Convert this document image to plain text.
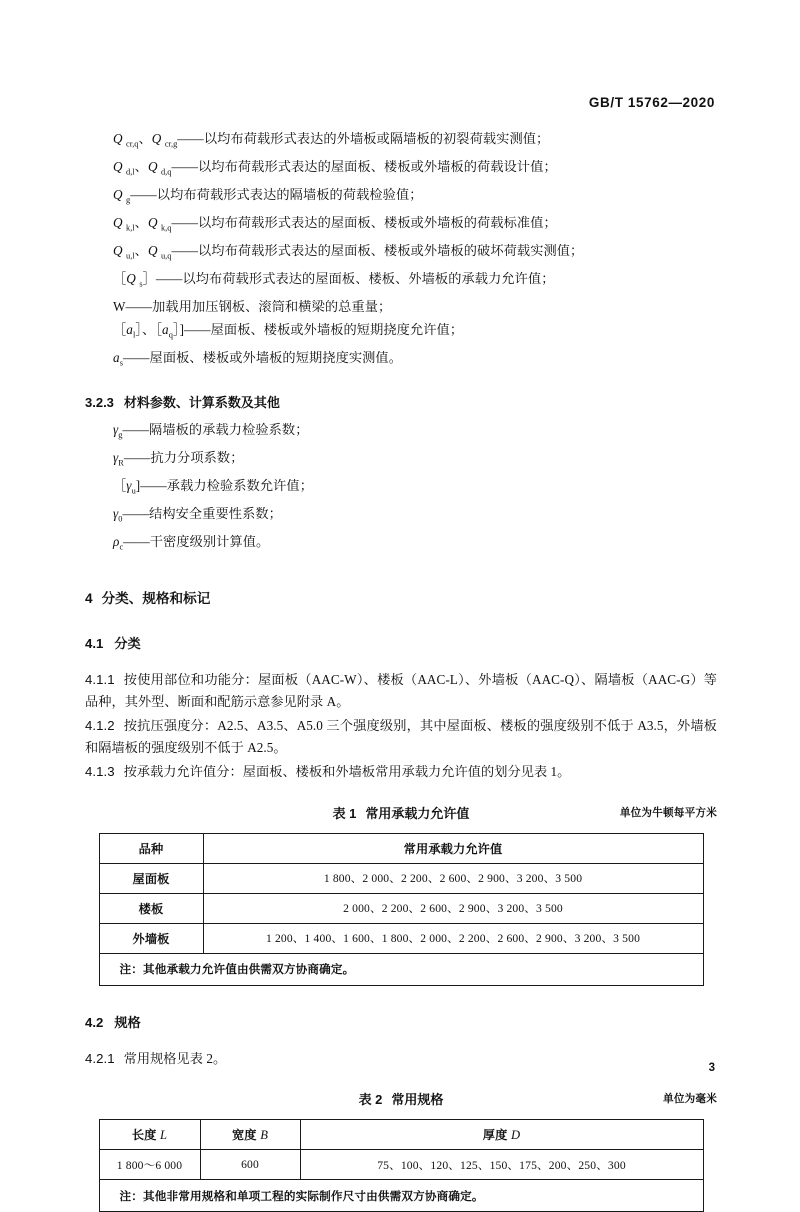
GB/T 15762—2020
Q $_{cr,q}$、Q $_{cr,g}$——以均布荷载形式表达的外墙板或隔墙板的初裂荷载实测值；
Q $_{d,l}$、Q $_{d,q}$——以均布荷载形式表达的屋面板、楼板或外墙板的荷载设计值；
Q $_g$——以均布荷载形式表达的隔墙板的荷载检验值；
Q $_{k,l}$、Q $_{k,q}$——以均布荷载形式表达的屋面板、楼板或外墙板的荷载标准值；
Q $_{u,l}$、Q $_{u,q}$——以均布荷载形式表达的屋面板、楼板或外墙板的破坏荷载实测值；
［Q $_s$］——以均布荷载形式表达的屋面板、楼板、外墙板的承载力允许值；
W——加载用加压钢板、滚筒和横梁的总重量；
$[a_l]$、$[a_q]]——$屋面板、楼板或外墙板的短期挠度允许值；
$a_s——$屋面板、楼板或外墙板的短期挠度实测值。
3.2.3 材料参数、计算系数及其他
$\gamma_g——$隔墙板的承载力检验系数；
$\gamma_R——$抗力分项系数；
$[\gamma_u]——$承载力检验系数允许值；
$\gamma_0——$结构安全重要性系数；
$\rho_c——$干密度级别计算值。
4 分类、规格和标记
4.1 分类

4.1.1 按使用部位和功能分：屋面板（AAC-W）、楼板（AAC-L）、外墙板（AAC-Q）、隔墙板（AAC-G）等品种，其外型、断面和配筋示意参见附录 A。

4.1.2 按抗压强度分：A2.5、A3.5、A5.0 三个强度级别，其中屋面板、楼板的强度级别不低于 A3.5，外墙板和隔墙板的强度级别不低于 A2.5。

4.1.3 按承载力允许值分：屋面板、楼板和外墙板常用承载力允许值的划分见表 1。

表 1 常用承载力允许值	单位为牛顿每平方米
品种	常用承载力允许值
屋面板	1 800、2 000、2 200、2 600、2 900、3 200、3 500
楼板	2 000、2 200、2 600、2 900、3 200、3 500
外墙板	1 200、1 400、1 600、1 800、2 000、2 200、2 600、2 900、3 200、3 500
注：其他承载力允许值由供需双方协商确定。	
4.2 规格

4.2.1 常用规格见表 2。

表 2 常用规格	单位为毫米
长度 L	宽度 B	厚度 D
1 800～6 000	600	75、100、120、125、150、175、200、250、300
注：其他非常用规格和单项工程的实际制作尺寸由供需双方协商确定。		
3
